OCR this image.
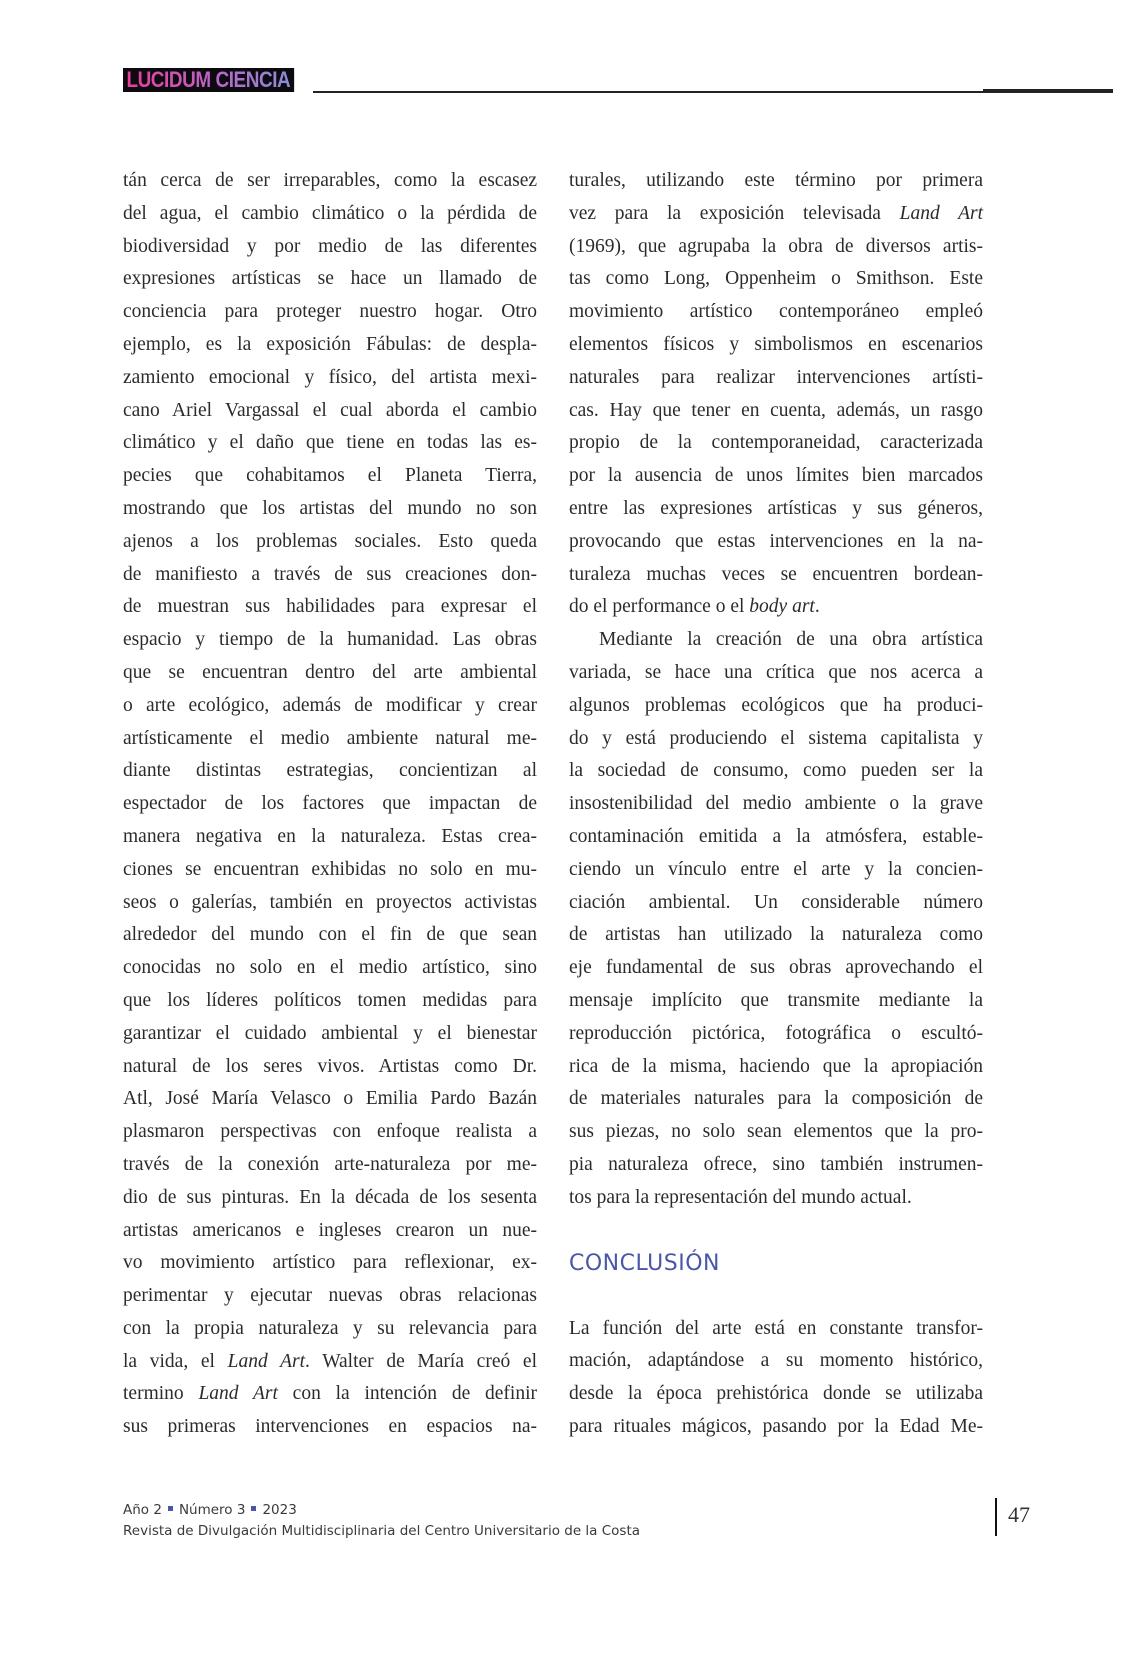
LUCIDUM CIENCIA

tán cerca de ser irreparables, como la escasez
del agua, el cambio climático o la pérdida de
biodiversidad y por medio de las diferentes
expresiones artísticas se hace un llamado de
conciencia para proteger nuestro hogar. Otro
ejemplo, es la exposición Fábulas: de despla-
zamiento emocional y físico, del artista mexi-
cano Ariel Vargassal el cual aborda el cambio
climático y el daño que tiene en todas las es-
pecies que cohabitamos el Planeta Tierra,
mostrando que los artistas del mundo no son
ajenos a los problemas sociales. Esto queda
de manifiesto a través de sus creaciones don-
de muestran sus habilidades para expresar el
espacio y tiempo de la humanidad. Las obras
que se encuentran dentro del arte ambiental
o arte ecológico, además de modificar y crear
artísticamente el medio ambiente natural me-
diante distintas estrategias, concientizan al
espectador de los factores que impactan de
manera negativa en la naturaleza. Estas crea-
ciones se encuentran exhibidas no solo en mu-
seos o galerías, también en proyectos activistas
alrededor del mundo con el fin de que sean
conocidas no solo en el medio artístico, sino
que los líderes políticos tomen medidas para
garantizar el cuidado ambiental y el bienestar
natural de los seres vivos. Artistas como Dr.
Atl, José María Velasco o Emilia Pardo Bazán
plasmaron perspectivas con enfoque realista a
través de la conexión arte-naturaleza por me-
dio de sus pinturas. En la década de los sesenta
artistas americanos e ingleses crearon un nue-
vo movimiento artístico para reflexionar, ex-
perimentar y ejecutar nuevas obras relacionas
con la propia naturaleza y su relevancia para
la vida, el Land Art. Walter de María creó el
termino Land Art con la intención de definir
sus primeras intervenciones en espacios na-

turales, utilizando este término por primera
vez para la exposición televisada Land Art
(1969), que agrupaba la obra de diversos artis-
tas como Long, Oppenheim o Smithson. Este
movimiento artístico contemporáneo empleó
elementos físicos y simbolismos en escenarios
naturales para realizar intervenciones artísti-
cas. Hay que tener en cuenta, además, un rasgo
propio de la contemporaneidad, caracterizada
por la ausencia de unos límites bien marcados
entre las expresiones artísticas y sus géneros,
provocando que estas intervenciones en la na-
turaleza muchas veces se encuentren bordean-
do el performance o el body art.

Mediante la creación de una obra artística
variada, se hace una crítica que nos acerca a
algunos problemas ecológicos que ha produci-
do y está produciendo el sistema capitalista y
la sociedad de consumo, como pueden ser la
insostenibilidad del medio ambiente o la grave
contaminación emitida a la atmósfera, estable-
ciendo un vínculo entre el arte y la concien-
ciación ambiental. Un considerable número
de artistas han utilizado la naturaleza como
eje fundamental de sus obras aprovechando el
mensaje implícito que transmite mediante la
reproducción pictórica, fotográfica o escultó-
rica de la misma, haciendo que la apropiación
de materiales naturales para la composición de
sus piezas, no solo sean elementos que la pro-
pia naturaleza ofrece, sino también instrumen-
tos para la representación del mundo actual.

CONCLUSIÓN

La función del arte está en constante transfor-
mación, adaptándose a su momento histórico,
desde la época prehistórica donde se utilizaba
para rituales mágicos, pasando por la Edad Me-

Año 2 Número 3 2023
Revista de Divulgación Multidisciplinaria del Centro Universitario de la Costa
47
